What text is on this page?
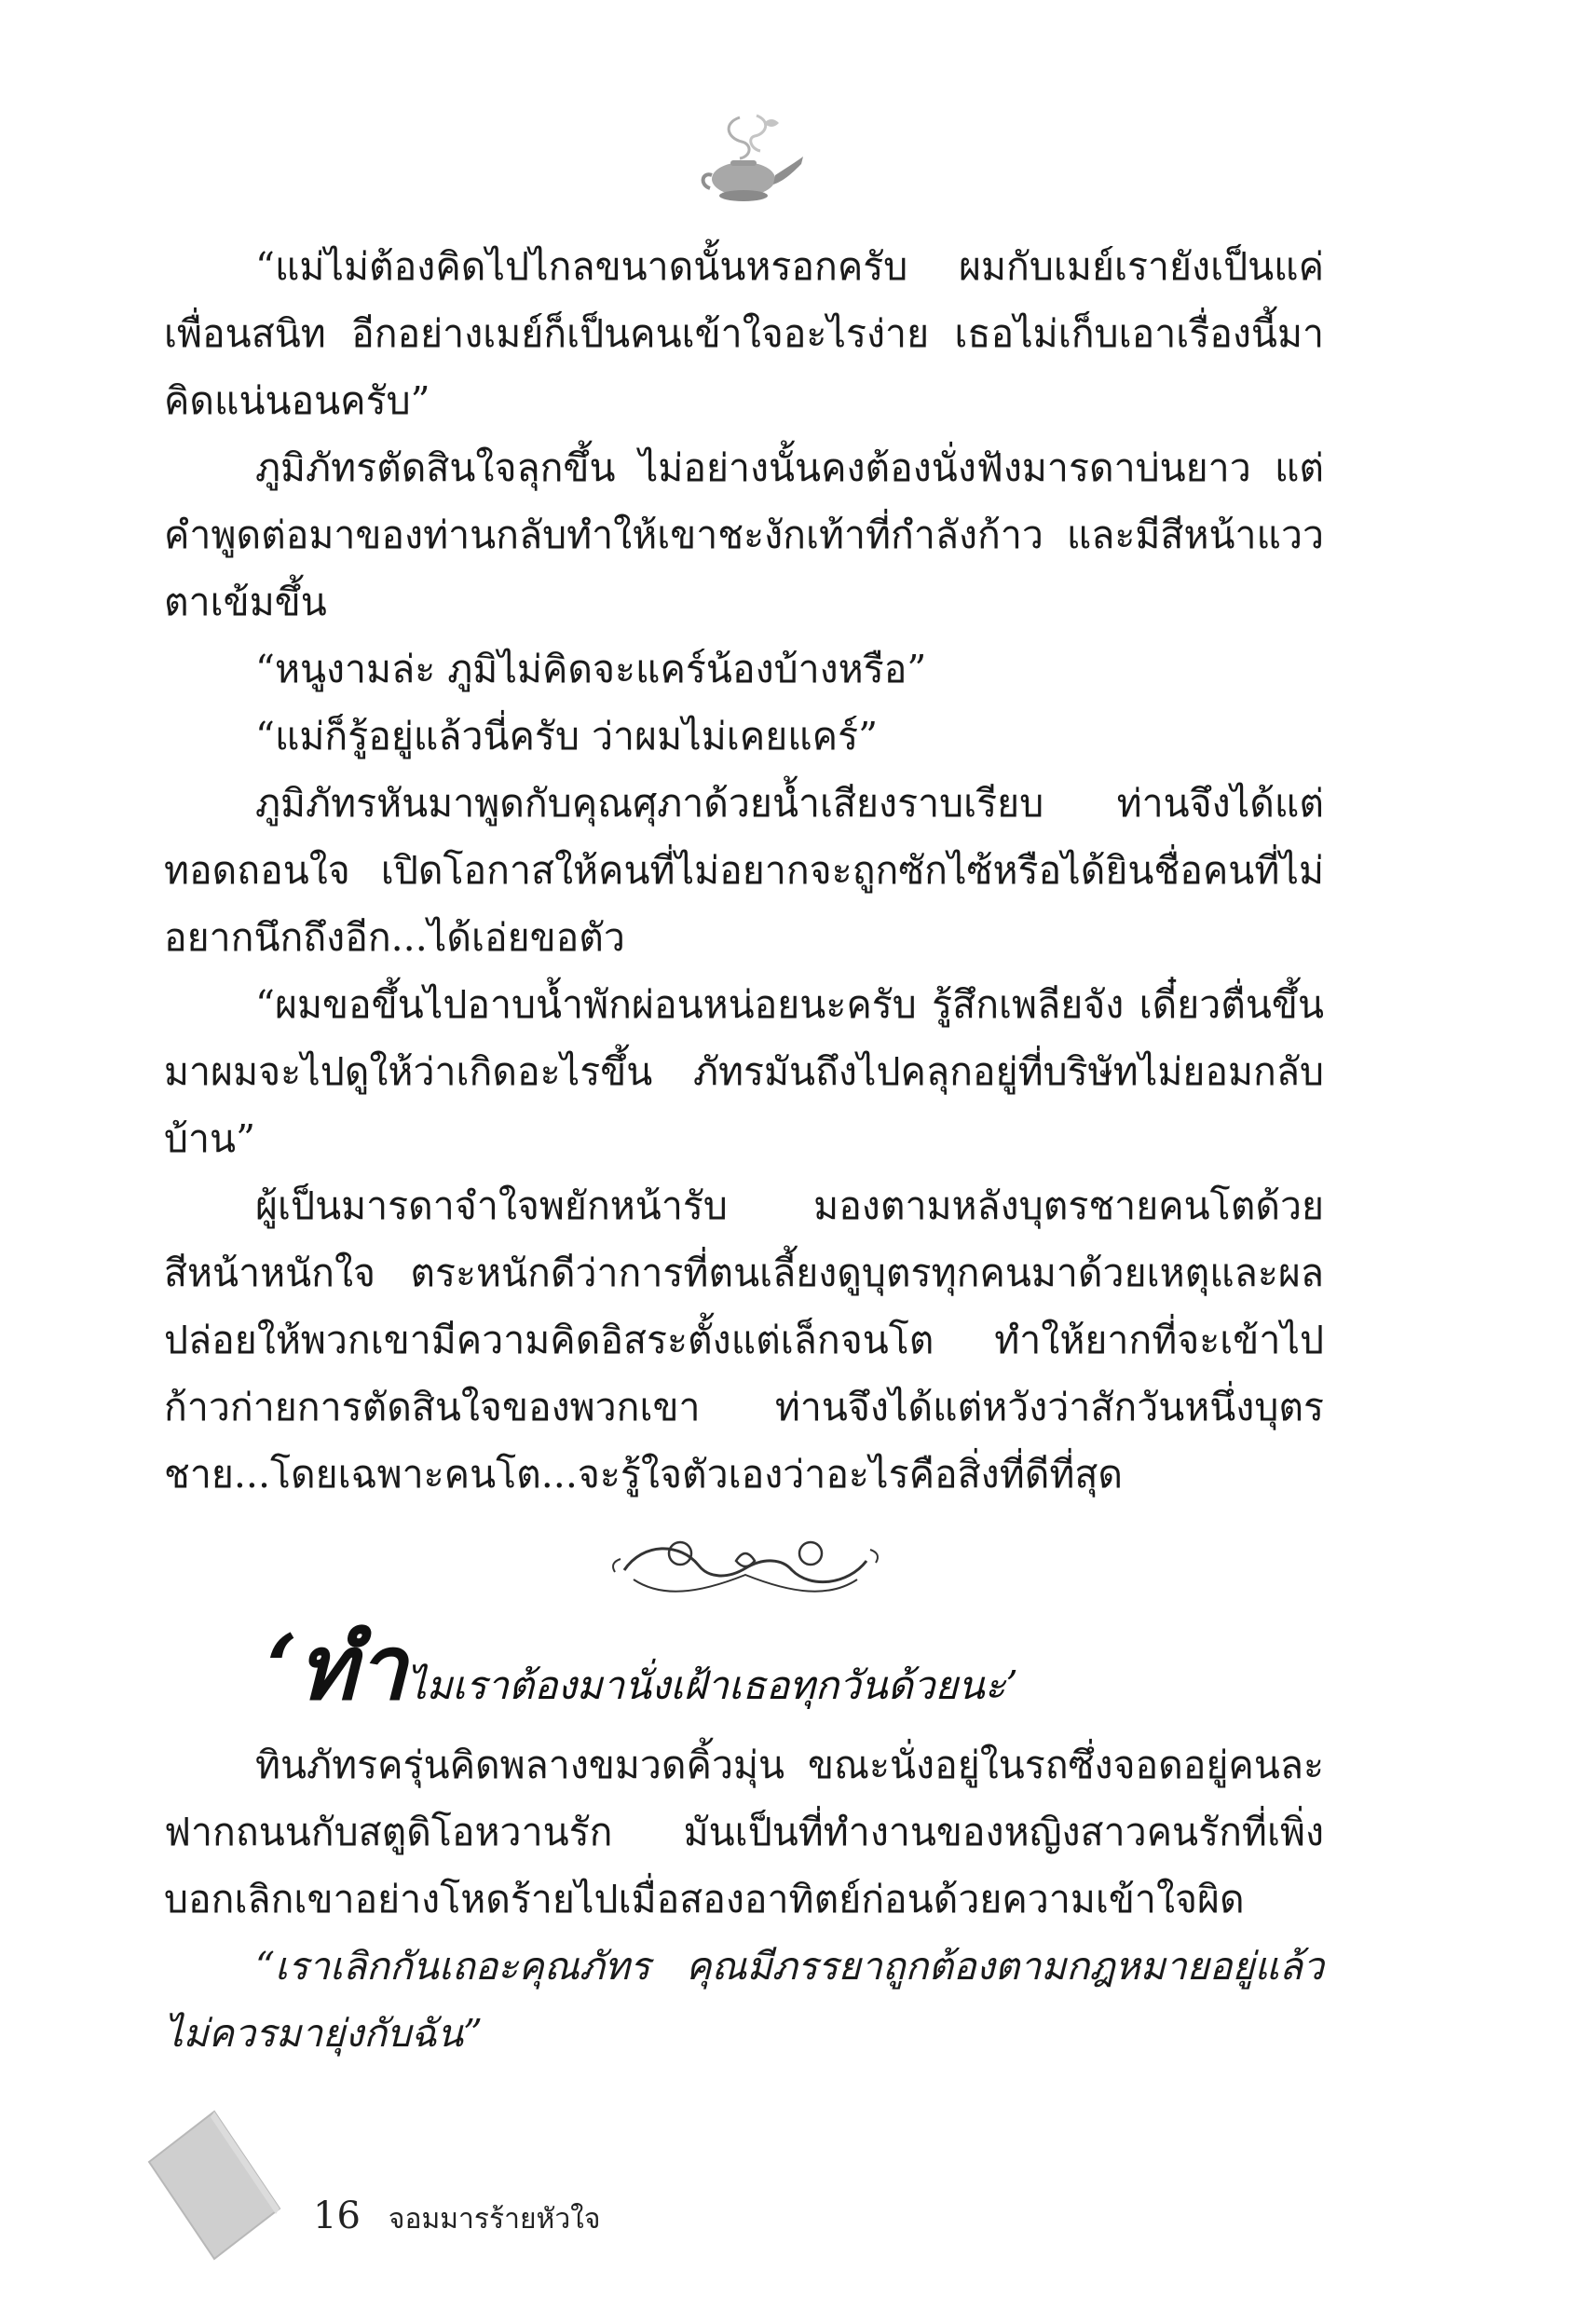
“แม่ไม่ต้องคิดไปไกลขนาดนั้นหรอกครับ ผมกับเมย์เรายังเป็นแค่เพื่อนสนิท อีกอย่างเมย์ก็เป็นคนเข้าใจอะไรง่าย เธอไม่เก็บเอาเรื่องนี้มาคิดแน่นอนครับ”

ภูมิภัทรตัดสินใจลุกขึ้น ไม่อย่างนั้นคงต้องนั่งฟังมารดาบ่นยาว แต่คำพูดต่อมาของท่านกลับทำให้เขาชะงักเท้าที่กำลังก้าว และมีสีหน้าแววตาเข้มขึ้น

“หนูงามล่ะ ภูมิไม่คิดจะแคร์น้องบ้างหรือ”

“แม่ก็รู้อยู่แล้วนี่ครับ ว่าผมไม่เคยแคร์”

ภูมิภัทรหันมาพูดกับคุณศุภาด้วยน้ำเสียงราบเรียบ ท่านจึงได้แต่ทอดถอนใจ เปิดโอกาสให้คนที่ไม่อยากจะถูกซักไซ้หรือได้ยินชื่อคนที่ไม่อยากนึกถึงอีก...ได้เอ่ยขอตัว

“ผมขอขึ้นไปอาบน้ำพักผ่อนหน่อยนะครับ รู้สึกเพลียจัง เดี๋ยวตื่นขึ้นมาผมจะไปดูให้ว่าเกิดอะไรขึ้น ภัทรมันถึงไปคลุกอยู่ที่บริษัทไม่ยอมกลับบ้าน”

ผู้เป็นมารดาจำใจพยักหน้ารับ มองตามหลังบุตรชายคนโตด้วยสีหน้าหนักใจ ตระหนักดีว่าการที่ตนเลี้ยงดูบุตรทุกคนมาด้วยเหตุและผล ปล่อยให้พวกเขามีความคิดอิสระตั้งแต่เล็กจนโต ทำให้ยากที่จะเข้าไปก้าวก่ายการตัดสินใจของพวกเขา ท่านจึงได้แต่หวังว่าสักวันหนึ่งบุตรชาย...โดยเฉพาะคนโต...จะรู้ใจตัวเองว่าอะไรคือสิ่งที่ดีที่สุด

‘ทำไมเราต้องมานั่งเฝ้าเธอทุกวันด้วยนะ’

ทินภัทรครุ่นคิดพลางขมวดคิ้วมุ่น ขณะนั่งอยู่ในรถซึ่งจอดอยู่คนละฟากถนนกับสตูดิโอหวานรัก มันเป็นที่ทำงานของหญิงสาวคนรักที่เพิ่งบอกเลิกเขาอย่างโหดร้ายไปเมื่อสองอาทิตย์ก่อนด้วยความเข้าใจผิด

“เราเลิกกันเถอะคุณภัทร คุณมีภรรยาถูกต้องตามกฎหมายอยู่แล้ว ไม่ควรมายุ่งกับฉัน”

16 จอมมารร้ายหัวใจ
